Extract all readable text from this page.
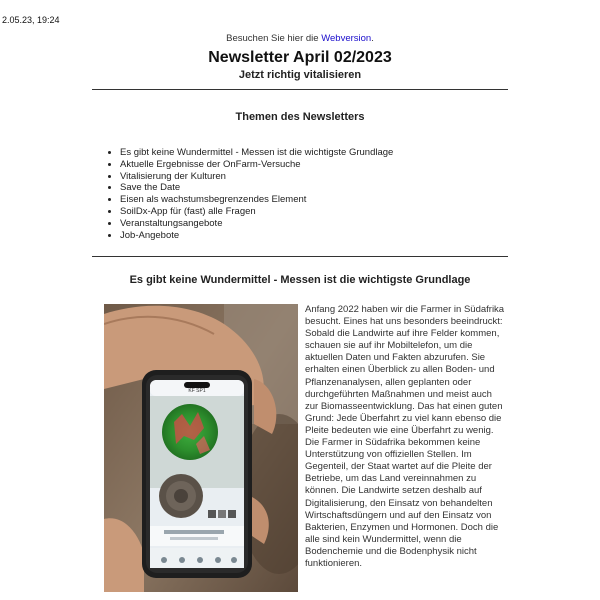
2.05.23, 19:24
Besuchen Sie hier die Webversion.
Newsletter April 02/2023
Jetzt richtig vitalisieren
Themen des Newsletters
• Es gibt keine Wundermittel - Messen ist die wichtigste Grundlage
• Aktuelle Ergebnisse der OnFarm-Versuche
• Vitalisierung der Kulturen
• Save the Date
• Eisen als wachstumsbegrenzendes Element
• SoilDx-App für (fast) alle Fragen
• Veranstaltungsangebote
• Job-Angebote
Es gibt keine Wundermittel - Messen ist die wichtigste Grundlage
KF SP1
Anfang 2022 haben wir die Farmer in Südafrika besucht. Eines hat uns besonders beeindruckt: Sobald die Landwirte auf ihre Felder kommen, schauen sie auf ihr Mobiltelefon, um die aktuellen Daten und Fakten abzurufen. Sie erhalten einen Überblick zu allen Boden- und Pflanzenanalysen, allen geplanten oder durchgeführten Maßnahmen und meist auch zur Biomasseentwicklung. Das hat einen guten Grund: Jede Überfahrt zu viel kann ebenso die Pleite bedeuten wie eine Überfahrt zu wenig. Die Farmer in Südafrika bekommen keine Unterstützung von offiziellen Stellen. Im Gegenteil, der Staat wartet auf die Pleite der Betriebe, um das Land vereinnahmen zu können. Die Landwirte setzen deshalb auf Digitalisierung, den Einsatz von behandelten Wirtschaftsdüngern und auf den Einsatz von Bakterien, Enzymen und Hormonen. Doch die alle sind kein Wundermittel, wenn die Bodenchemie und die Bodenphysik nicht funktionieren.
